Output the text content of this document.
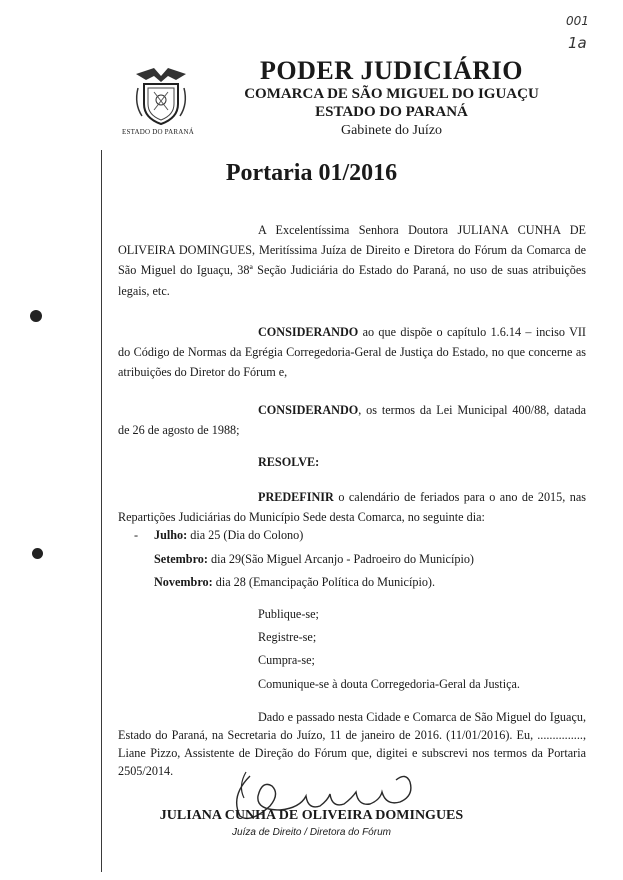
001
1a
ESTADO DO PARANÁ
PODER JUDICIÁRIO
COMARCA DE SÃO MIGUEL DO IGUAÇU
ESTADO DO PARANÁ
Gabinete do Juízo
Portaria 01/2016
A Excelentíssima Senhora Doutora JULIANA CUNHA DE OLIVEIRA DOMINGUES, Meritíssima Juíza de Direito e Diretora do Fórum da Comarca de São Miguel do Iguaçu, 38ª Seção Judiciária do Estado do Paraná, no uso de suas atribuições legais, etc.
CONSIDERANDO ao que dispõe o capítulo 1.6.14 – inciso VII do Código de Normas da Egrégia Corregedoria-Geral de Justiça do Estado, no que concerne as atribuições do Diretor do Fórum e,
CONSIDERANDO, os termos da Lei Municipal 400/88, datada de 26 de agosto de 1988;
RESOLVE:
PREDEFINIR o calendário de feriados para o ano de 2015, nas Repartições Judiciárias do Município Sede desta Comarca, no seguinte dia:
- Julho: dia 25 (Dia do Colono)
Setembro: dia 29(São Miguel Arcanjo - Padroeiro do Município)
Novembro: dia 28 (Emancipação Política do Município).
Publique-se;
Registre-se;
Cumpra-se;
Comunique-se à douta Corregedoria-Geral da Justiça.
Dado e passado nesta Cidade e Comarca de São Miguel do Iguaçu, Estado do Paraná, na Secretaria do Juízo, 11 de janeiro de 2016. (11/01/2016). Eu, ..............., Liane Pizzo, Assistente de Direção do Fórum que, digitei e subscrevi nos termos da Portaria 2505/2014.
JULIANA CUNHA DE OLIVEIRA DOMINGUES
Juíza de Direito / Diretora do Fórum
